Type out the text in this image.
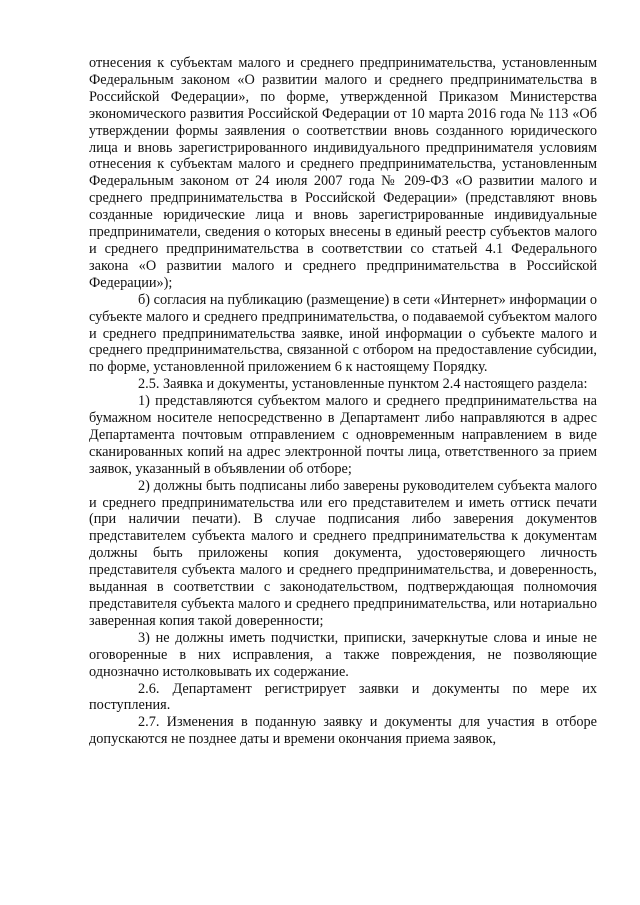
отнесения к субъектам малого и среднего предпринимательства, установленным Федеральным законом «О развитии малого и среднего предпринимательства в Российской Федерации», по форме, утвержденной Приказом Министерства экономического развития Российской Федерации от 10 марта 2016 года № 113 «Об утверждении формы заявления о соответствии вновь созданного юридического лица и вновь зарегистрированного индивидуального предпринимателя условиям отнесения к субъектам малого и среднего предпринимательства, установленным Федеральным законом от 24 июля 2007 года № 209-ФЗ «О развитии малого и среднего предпринимательства в Российской Федерации» (представляют вновь созданные юридические лица и вновь зарегистрированные индивидуальные предприниматели, сведения о которых внесены в единый реестр субъектов малого и среднего предпринимательства в соответствии со статьей 4.1 Федерального закона «О развитии малого и среднего предпринимательства в Российской Федерации»);

б) согласия на публикацию (размещение) в сети «Интернет» информации о субъекте малого и среднего предпринимательства, о подаваемой субъектом малого и среднего предпринимательства заявке, иной информации о субъекте малого и среднего предпринимательства, связанной с отбором на предоставление субсидии, по форме, установленной приложением 6 к настоящему Порядку.

2.5. Заявка и документы, установленные пунктом 2.4 настоящего раздела:

1) представляются субъектом малого и среднего предпринимательства на бумажном носителе непосредственно в Департамент либо направляются в адрес Департамента почтовым отправлением с одновременным направлением в виде сканированных копий на адрес электронной почты лица, ответственного за прием заявок, указанный в объявлении об отборе;

2) должны быть подписаны либо заверены руководителем субъекта малого и среднего предпринимательства или его представителем и иметь оттиск печати (при наличии печати). В случае подписания либо заверения документов представителем субъекта малого и среднего предпринимательства к документам должны быть приложены копия документа, удостоверяющего личность представителя субъекта малого и среднего предпринимательства, и доверенность, выданная в соответствии с законодательством, подтверждающая полномочия представителя субъекта малого и среднего предпринимательства, или нотариально заверенная копия такой доверенности;

3) не должны иметь подчистки, приписки, зачеркнутые слова и иные не оговоренные в них исправления, а также повреждения, не позволяющие однозначно истолковывать их содержание.

2.6. Департамент регистрирует заявки и документы по мере их поступления.

2.7. Изменения в поданную заявку и документы для участия в отборе допускаются не позднее даты и времени окончания приема заявок,
